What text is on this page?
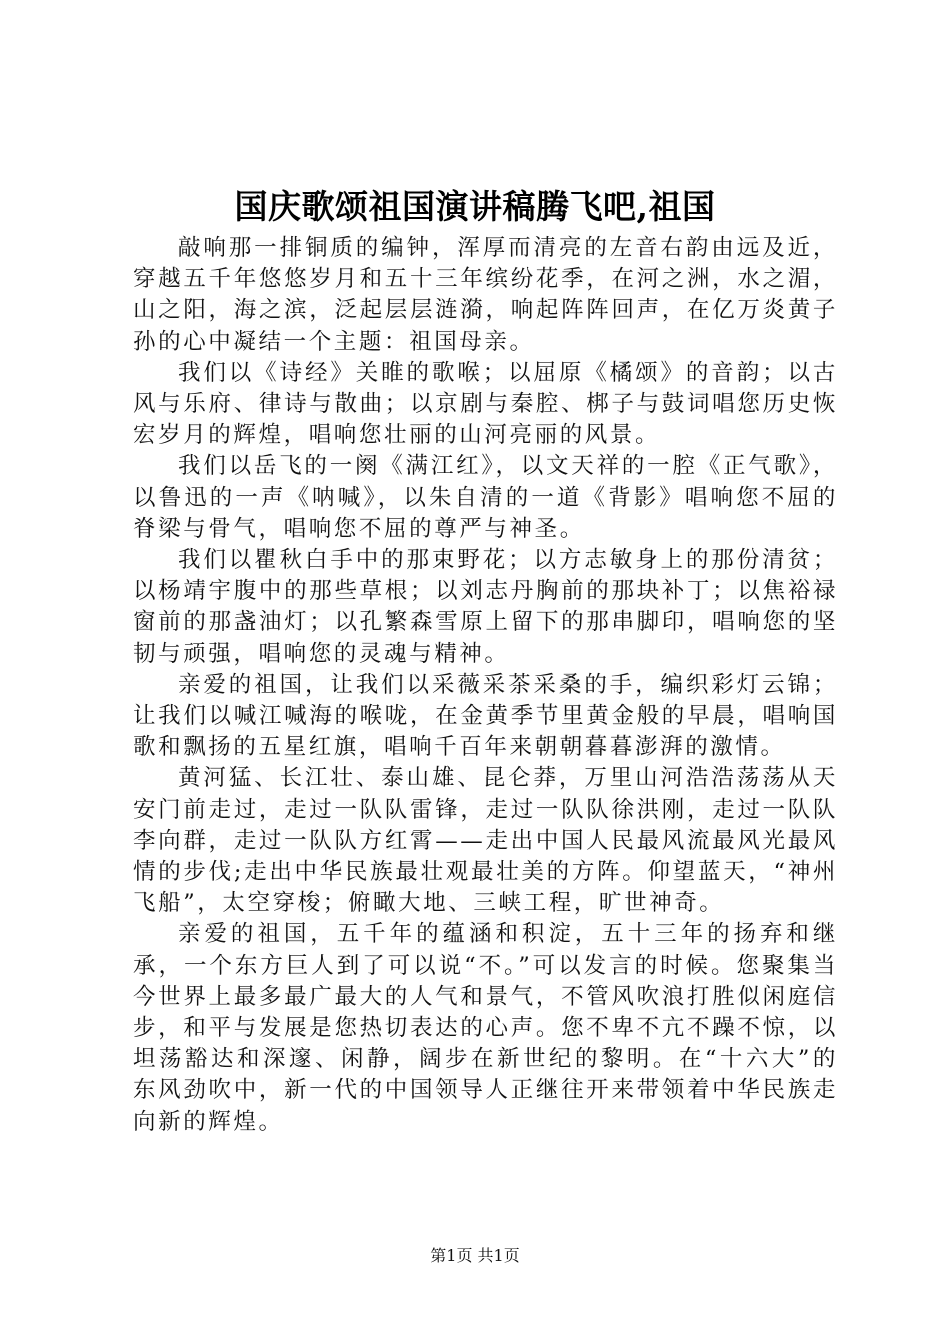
国庆歌颂祖国演讲稿腾飞吧,祖国

敲响那一排铜质的编钟，浑厚而清亮的左音右韵由远及近，穿越五千年悠悠岁月和五十三年缤纷花季，在河之洲，水之湄，山之阳，海之滨，泛起层层涟漪，响起阵阵回声，在亿万炎黄子孙的心中凝结一个主题：祖国母亲。

我们以《诗经》关睢的歌喉；以屈原《橘颂》的音韵；以古风与乐府、律诗与散曲；以京剧与秦腔、梆子与鼓词唱您历史恢宏岁月的辉煌，唱响您壮丽的山河亮丽的风景。

我们以岳飞的一阕《满江红》，以文天祥的一腔《正气歌》，以鲁迅的一声《呐喊》，以朱自清的一道《背影》唱响您不屈的脊梁与骨气，唱响您不屈的尊严与神圣。

我们以瞿秋白手中的那束野花；以方志敏身上的那份清贫；以杨靖宇腹中的那些草根；以刘志丹胸前的那块补丁；以焦裕禄窗前的那盏油灯；以孔繁森雪原上留下的那串脚印，唱响您的坚韧与顽强，唱响您的灵魂与精神。

亲爱的祖国，让我们以采薇采茶采桑的手，编织彩灯云锦；让我们以喊江喊海的喉咙，在金黄季节里黄金般的早晨，唱响国歌和飘扬的五星红旗，唱响千百年来朝朝暮暮澎湃的激情。

黄河猛、长江壮、泰山雄、昆仑莽，万里山河浩浩荡荡从天安门前走过，走过一队队雷锋，走过一队队徐洪刚，走过一队队李向群，走过一队队方红霄——走出中国人民最风流最风光最风情的步伐;走出中华民族最壮观最壮美的方阵。仰望蓝天，“神州飞船”，太空穿梭；俯瞰大地、三峡工程，旷世神奇。

亲爱的祖国，五千年的蕴涵和积淀，五十三年的扬弃和继承，一个东方巨人到了可以说“不。”可以发言的时候。您聚集当今世界上最多最广最大的人气和景气，不管风吹浪打胜似闲庭信步，和平与发展是您热切表达的心声。您不卑不亢不躁不惊，以坦荡豁达和深邃、闲静，阔步在新世纪的黎明。在“十六大”的东风劲吹中，新一代的中国领导人正继往开来带领着中华民族走向新的辉煌。

第1页 共1页
